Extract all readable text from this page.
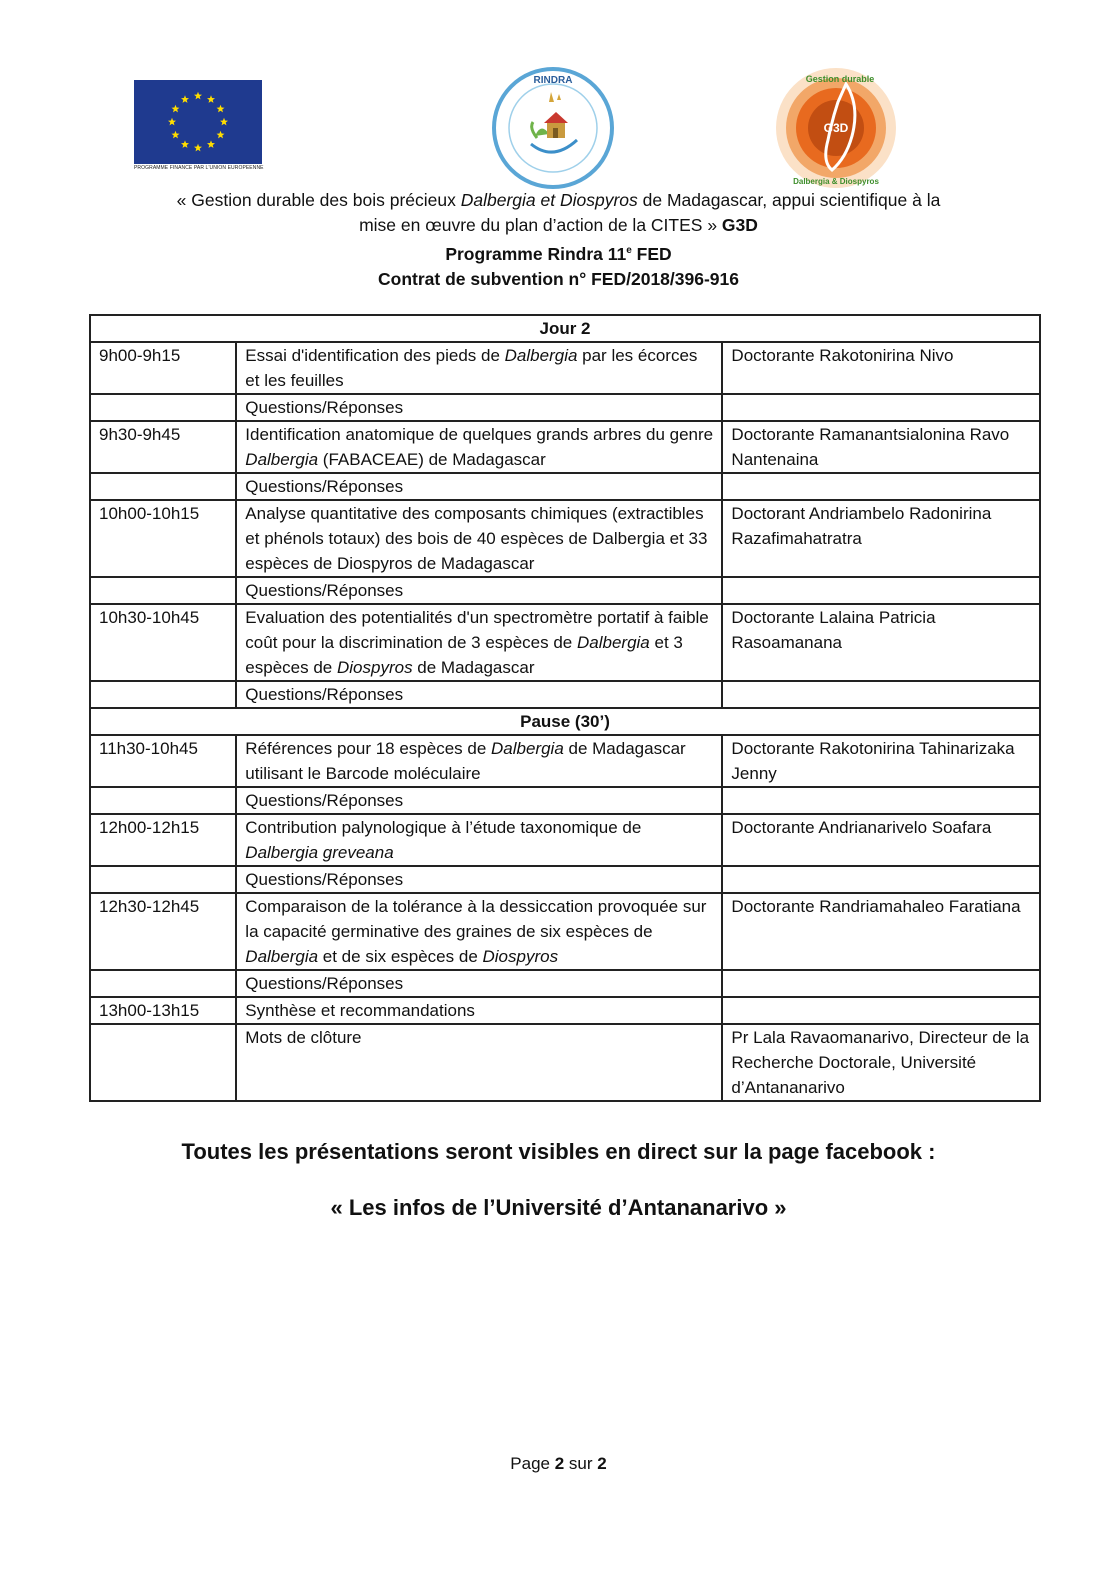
PROGRAMME FINANCE PAR L'UNION EUROPEENNE
RINDRA
G3D
Gestion durable
Dalbergia & Diospyros
« Gestion durable des bois précieux Dalbergia et Diospyros de Madagascar, appui scientifique à la
mise en œuvre du plan d’action de la CITES » G3D
Programme Rindra 11e FED
Contrat de subvention n° FED/2018/396-916
Jour 2		
9h00-9h15	Essai d'identification des pieds de Dalbergia par les écorces et les feuilles	Doctorante Rakotonirina Nivo
	Questions/Réponses	
9h30-9h45	Identification anatomique de quelques grands arbres du genre Dalbergia (FABACEAE) de Madagascar	Doctorante Ramanantsialonina Ravo Nantenaina
	Questions/Réponses	
10h00-10h15	Analyse quantitative des composants chimiques (extractibles et phénols totaux) des bois de 40 espèces de Dalbergia et 33 espèces de Diospyros de Madagascar	Doctorant Andriambelo Radonirina Razafimahatratra
	Questions/Réponses	
10h30-10h45	Evaluation des potentialités d'un spectromètre portatif à faible coût pour la discrimination de 3 espèces de Dalbergia et 3 espèces de Diospyros de Madagascar	Doctorante Lalaina Patricia Rasoamanana
	Questions/Réponses	
Pause (30’)		
11h30-10h45	Références pour 18 espèces de Dalbergia de Madagascar utilisant le Barcode moléculaire	Doctorante Rakotonirina Tahinarizaka Jenny
	Questions/Réponses	
12h00-12h15	Contribution palynologique à l’étude taxonomique de Dalbergia greveana	Doctorante Andrianarivelo Soafara
	Questions/Réponses	
12h30-12h45	Comparaison de la tolérance à la dessiccation provoquée sur la capacité germinative des graines de six espèces de Dalbergia et de six espèces de Diospyros	Doctorante Randriamahaleo Faratiana
	Questions/Réponses	
13h00-13h15	Synthèse et recommandations	
	Mots de clôture	Pr Lala Ravaomanarivo, Directeur de la Recherche Doctorale, Université d’Antananarivo
Toutes les présentations seront visibles en direct sur la page facebook :
« Les infos de l’Université d’Antananarivo »
Page 2 sur 2
